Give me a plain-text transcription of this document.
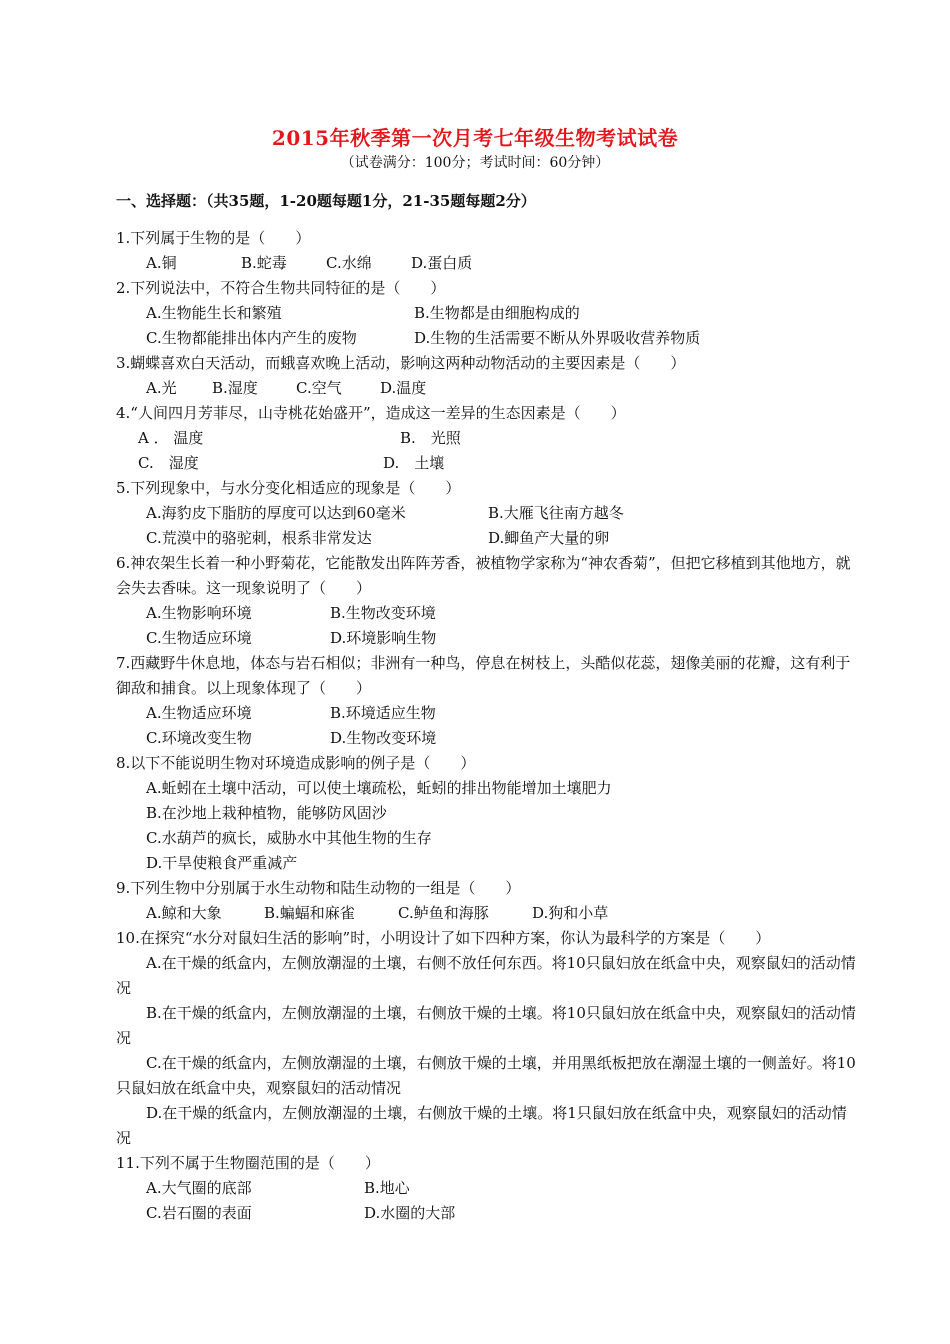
2015年秋季第一次月考七年级生物考试试卷
（试卷满分：100分；考试时间：60分钟）
一、选择题：（共35题，1-20题每题1分，21-35题每题2分）
1.下列属于生物的是（　　）
A.铜	B.蛇毒	C.水绵	D.蛋白质
2.下列说法中，不符合生物共同特征的是（　　）
A.生物能生长和繁殖	B.生物都是由细胞构成的
C.生物都能排出体内产生的废物	D.生物的生活需要不断从外界吸收营养物质
3.蝴蝶喜欢白天活动，而蛾喜欢晚上活动，影响这两种动物活动的主要因素是（　　）
A.光	B.湿度	C.空气	D.温度
4.“人间四月芳菲尽，山寺桃花始盛开”，造成这一差异的生态因素是（　　）
A ． 温度	B.　光照
C.　湿度	D.　土壤
5.下列现象中，与水分变化相适应的现象是（　　）
A.海豹皮下脂肪的厚度可以达到60毫米	B.大雁飞往南方越冬
C.荒漠中的骆驼刺，根系非常发达	D.鲫鱼产大量的卵
6.神农架生长着一种小野菊花，它能散发出阵阵芳香，被植物学家称为“神农香菊”，但把它移植到其他地方，就会失去香味。这一现象说明了（　　）
A.生物影响环境	B.生物改变环境
C.生物适应环境	D.环境影响生物
7.西藏野牛休息地，体态与岩石相似；非洲有一种鸟，停息在树枝上，头酷似花蕊，翅像美丽的花瓣，这有利于御敌和捕食。以上现象体现了（　　）
A.生物适应环境	B.环境适应生物
C.环境改变生物	D.生物改变环境
8.以下不能说明生物对环境造成影响的例子是（　　）
A.蚯蚓在土壤中活动，可以使土壤疏松，蚯蚓的排出物能增加土壤肥力
B.在沙地上栽种植物，能够防风固沙
C.水葫芦的疯长，威胁水中其他生物的生存
D.干旱使粮食严重减产
9.下列生物中分别属于水生动物和陆生动物的一组是（　　）
A.鲸和大象	B.蝙蝠和麻雀	C.鲈鱼和海豚	D.狗和小草
10.在探究“水分对鼠妇生活的影响”时，小明设计了如下四种方案，你认为最科学的方案是（　　）
A.在干燥的纸盒内，左侧放潮湿的土壤，右侧不放任何东西。将10只鼠妇放在纸盒中央，观察鼠妇的活动情况
B.在干燥的纸盒内，左侧放潮湿的土壤，右侧放干燥的土壤。将10只鼠妇放在纸盒中央，观察鼠妇的活动情况
C.在干燥的纸盒内，左侧放潮湿的土壤，右侧放干燥的土壤，并用黑纸板把放在潮湿土壤的一侧盖好。将10只鼠妇放在纸盒中央，观察鼠妇的活动情况
D.在干燥的纸盒内，左侧放潮湿的土壤，右侧放干燥的土壤。将1只鼠妇放在纸盒中央，观察鼠妇的活动情况
11.下列不属于生物圈范围的是（　　）
A.大气圈的底部	B.地心
C.岩石圈的表面	D.水圈的大部
